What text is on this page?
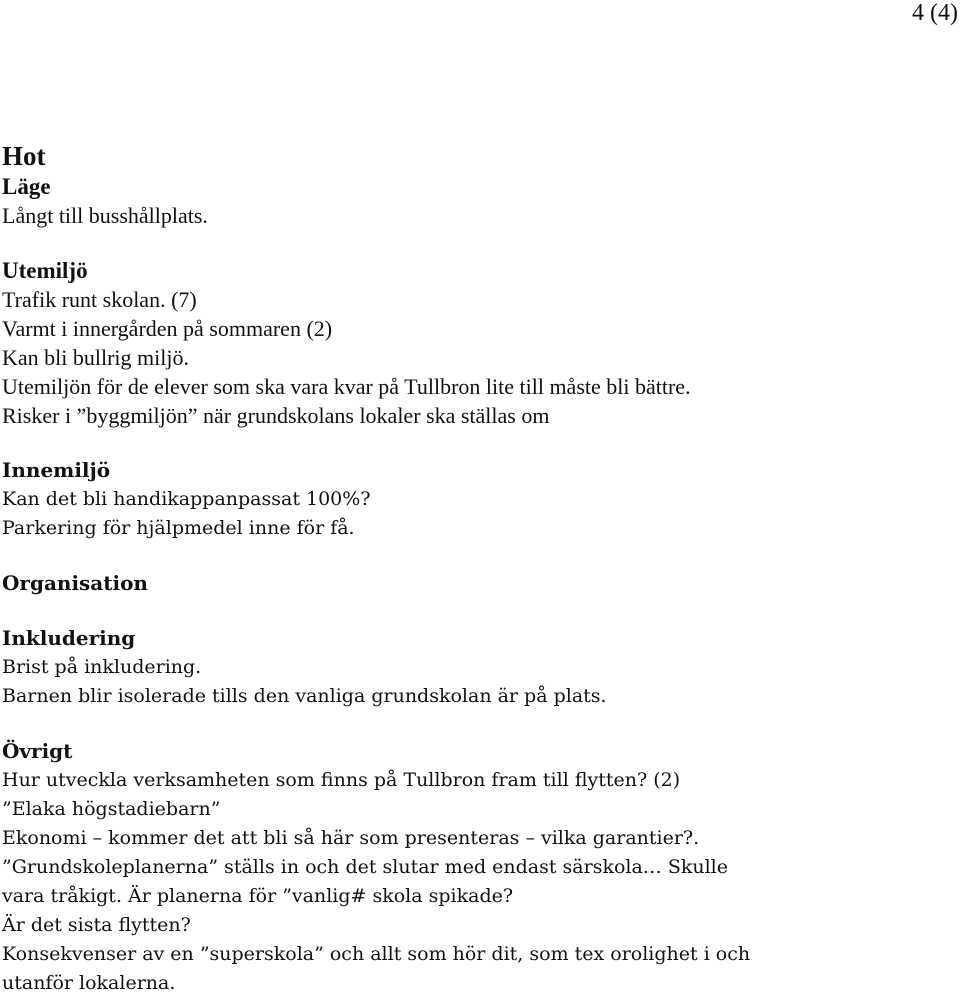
4 (4)
Hot
Läge

Långt till busshållplats.

Utemiljö

Trafik runt skolan. (7)

Varmt i innergården på sommaren (2)

Kan bli bullrig miljö.

Utemiljön för de elever som ska vara kvar på Tullbron lite till måste bli bättre.

Risker i ”byggmiljön” när grundskolans lokaler ska ställas om

Innemiljö

Kan det bli handikappanpassat 100%?

Parkering för hjälpmedel inne för få.

Organisation
Inkludering

Brist på inkludering.

Barnen blir isolerade tills den vanliga grundskolan är på plats.

Övrigt

Hur utveckla verksamheten som finns på Tullbron fram till flytten? (2)

”Elaka högstadiebarn”

Ekonomi – kommer det att bli så här som presenteras – vilka garantier?.

”Grundskoleplanerna” ställs in och det slutar med endast särskola… Skulle

vara tråkigt. Är planerna för ”vanlig# skola spikade?

Är det sista flytten?

Konsekvenser av en ”superskola” och allt som hör dit, som tex orolighet i och

utanför lokalerna.
